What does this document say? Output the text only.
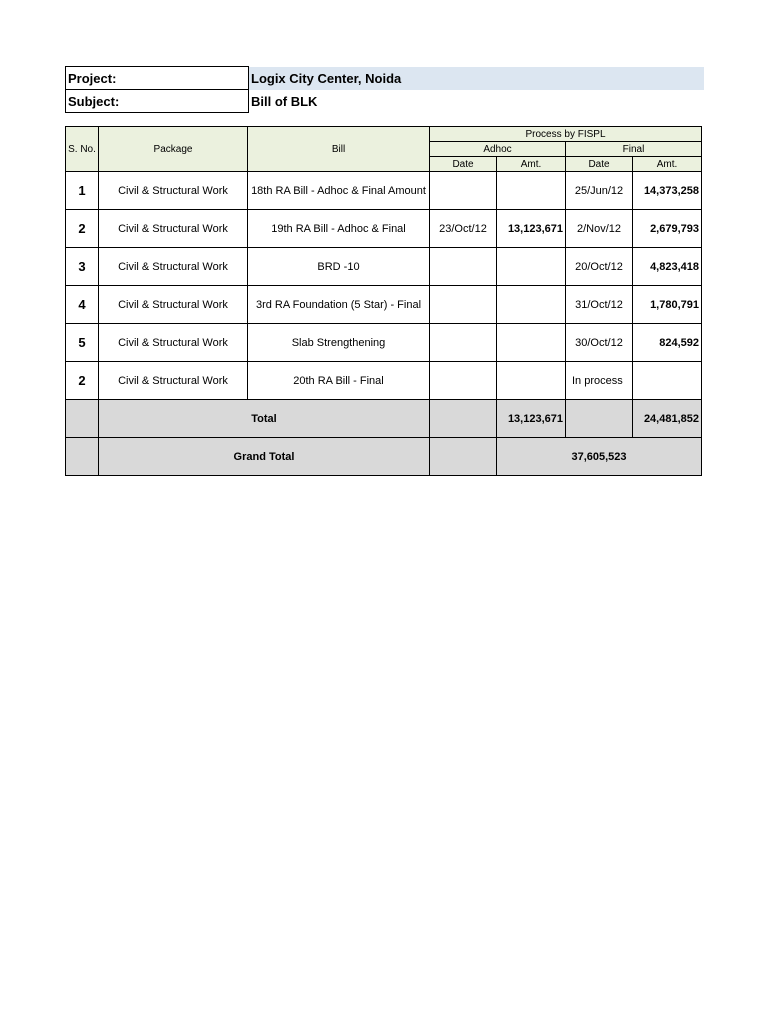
Project:	Logix City Center, Noida
Subject:	Bill of BLK
S. No.	Package	Bill	Process by FISPL			
			Adhoc		Final	
			Date	Amt.	Date	Amt.
1	Civil & Structural Work	18th RA Bill - Adhoc & Final Amount			25/Jun/12	14,373,258
2	Civil & Structural Work	19th RA Bill - Adhoc & Final	23/Oct/12	13,123,671	2/Nov/12	2,679,793
3	Civil & Structural Work	BRD -10			20/Oct/12	4,823,418
4	Civil & Structural Work	3rd RA Foundation (5 Star) - Final			31/Oct/12	1,780,791
5	Civil & Structural Work	Slab Strengthening			30/Oct/12	824,592
2	Civil & Structural Work	20th RA Bill - Final			In process	
	Total			13,123,671		24,481,852
	Grand Total			37,605,523		
